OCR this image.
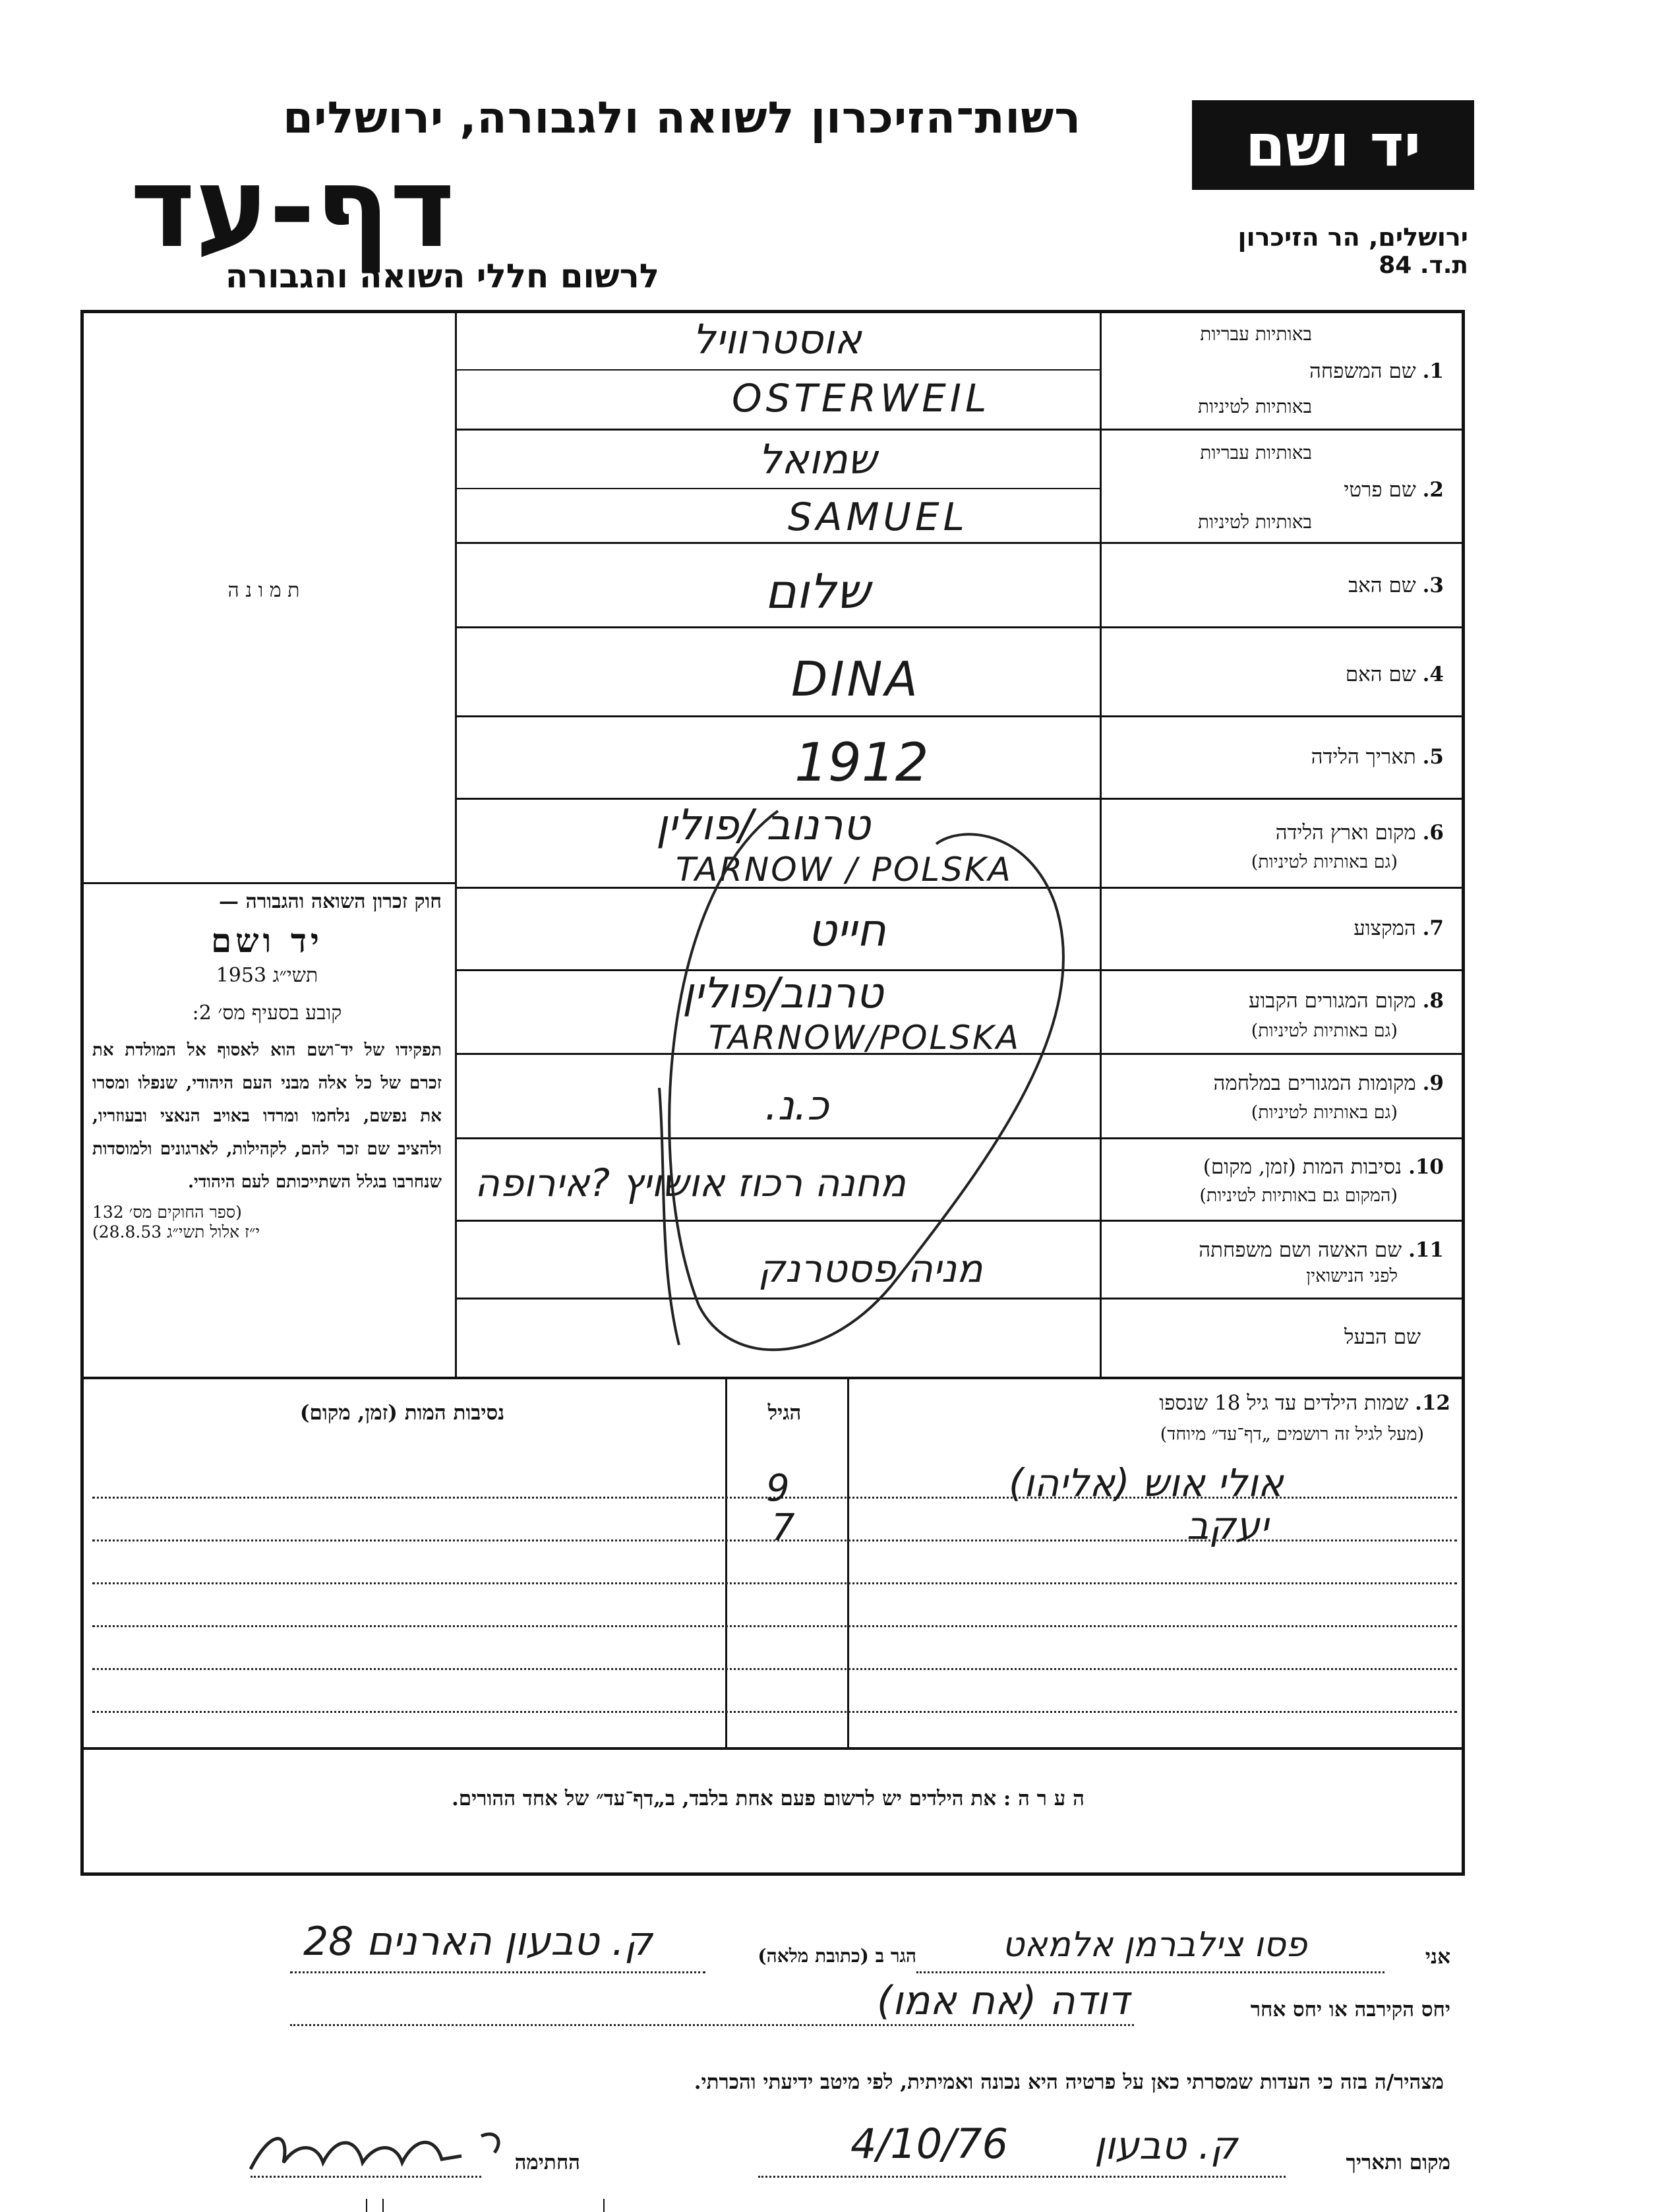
יד ושם
ירושלים, הר הזיכרון
ת.ד. 84
רשות־הזיכרון לשואה ולגבורה, ירושלים
דף-עד
לרשום חללי השואה והגבורה
ת מ ו נ ה
חוק זכרון השואה והגבורה —
יד ושם
תשי״ג 1953
קובע בסעיף מס׳ 2:
תפקידו של יד־ושם הוא לאסוף אל המולדת את זכרם של כל אלה מבני העם היהודי, שנפלו ומסרו את נפשם, נלחמו ומרדו באויב הנאצי ובעוזריו, ולהציב שם זכר להם, לקהילות, לארגונים ולמוסדות שנחרבו בגלל השתייכותם לעם היהודי.
(ספר החוקים מס׳ 132
י״ז אלול תשי״ג 28.8.53)
באותיות עבריות
1. שם המשפחה
באותיות לטיניות
באותיות עבריות
2. שם פרטי
באותיות לטיניות
3. שם האב
4. שם האם
5. תאריך הלידה
6. מקום וארץ הלידה
(גם באותיות לטיניות)
7. המקצוע
8. מקום המגורים הקבוע
(גם באותיות לטיניות)
9. מקומות המגורים במלחמה
(גם באותיות לטיניות)
10. נסיבות המות (זמן, מקום)
(המקום גם באותיות לטיניות)
11. שם האשה ושם משפחתה
לפני הנישואין
שם הבעל
אוסטרוויל
OSTERWEIL
שמואל
SAMUEL
שלום
DINA
1912
טרנוב /פולין
TARNOW / POLSKA
חייט
טרנוב/פולין
TARNOW/POLSKA
כ.נ.
מחנה רכוז אושויץ ?אירופה
מניה פסטרנק
12. שמות הילדים עד גיל 18 שנספו
(מעל לגיל זה רושמים „דף־עד״ מיוחד)
הגיל
נסיבות המות (זמן, מקום)
אולי אוש (אליהו)
9
יעקב
7
ה ע ר ה : את הילדים יש לרשום פעם אחת בלבד, ב„דף־עד״ של אחד ההורים.
אני
פסו צילברמן אלמאט
הגר ב (כתובת מלאה)
ק. טבעון הארנים 28
יחס הקירבה או יחס אחר
דודה (אח אמו)
מצהיר/ה בזה כי העדות שמסרתי כאן על פרטיה היא נכונה ואמיתית, לפי מיטב ידיעתי והכרתי.
מקום ותאריך
ק. טבעון
4/10/76
החתימה
